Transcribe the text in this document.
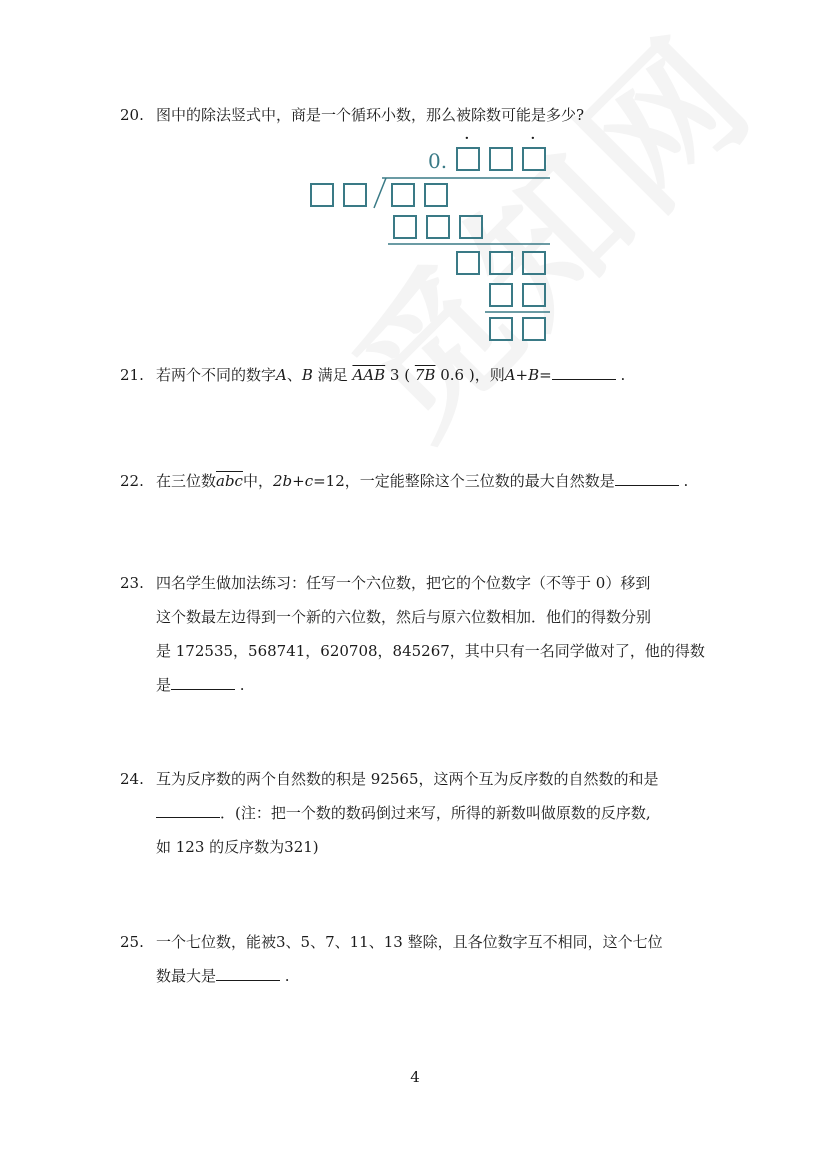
20. 图中的除法竖式中，商是一个循环小数，那么被除数可能是多少?
0.
·	·
21. 若两个不同的数字A、B 满足 $\overline{AAB}$ 3 ( 7B 0.6 )，则A+B=	.
22. 在三位数$\overline{abc}$中，2b+c=12，一定能整除这个三位数的最大自然数是	.
23. 四名学生做加法练习：任写一个六位数，把它的个位数字（不等于 0）移到
这个数最左边得到一个新的六位数，然后与原六位数相加．他们的得数分别
是 172535，568741，620708，845267，其中只有一名同学做对了，他的得数
是	.
24. 互为反序数的两个自然数的积是 92565，这两个互为反序数的自然数的和是
．(注：把一个数的数码倒过来写，所得的新数叫做原数的反序数,
如 123 的反序数为321)
25. 一个七位数，能被3、5、7、11、13 整除，且各位数字互不相同，这个七位
数最大是	.
4
